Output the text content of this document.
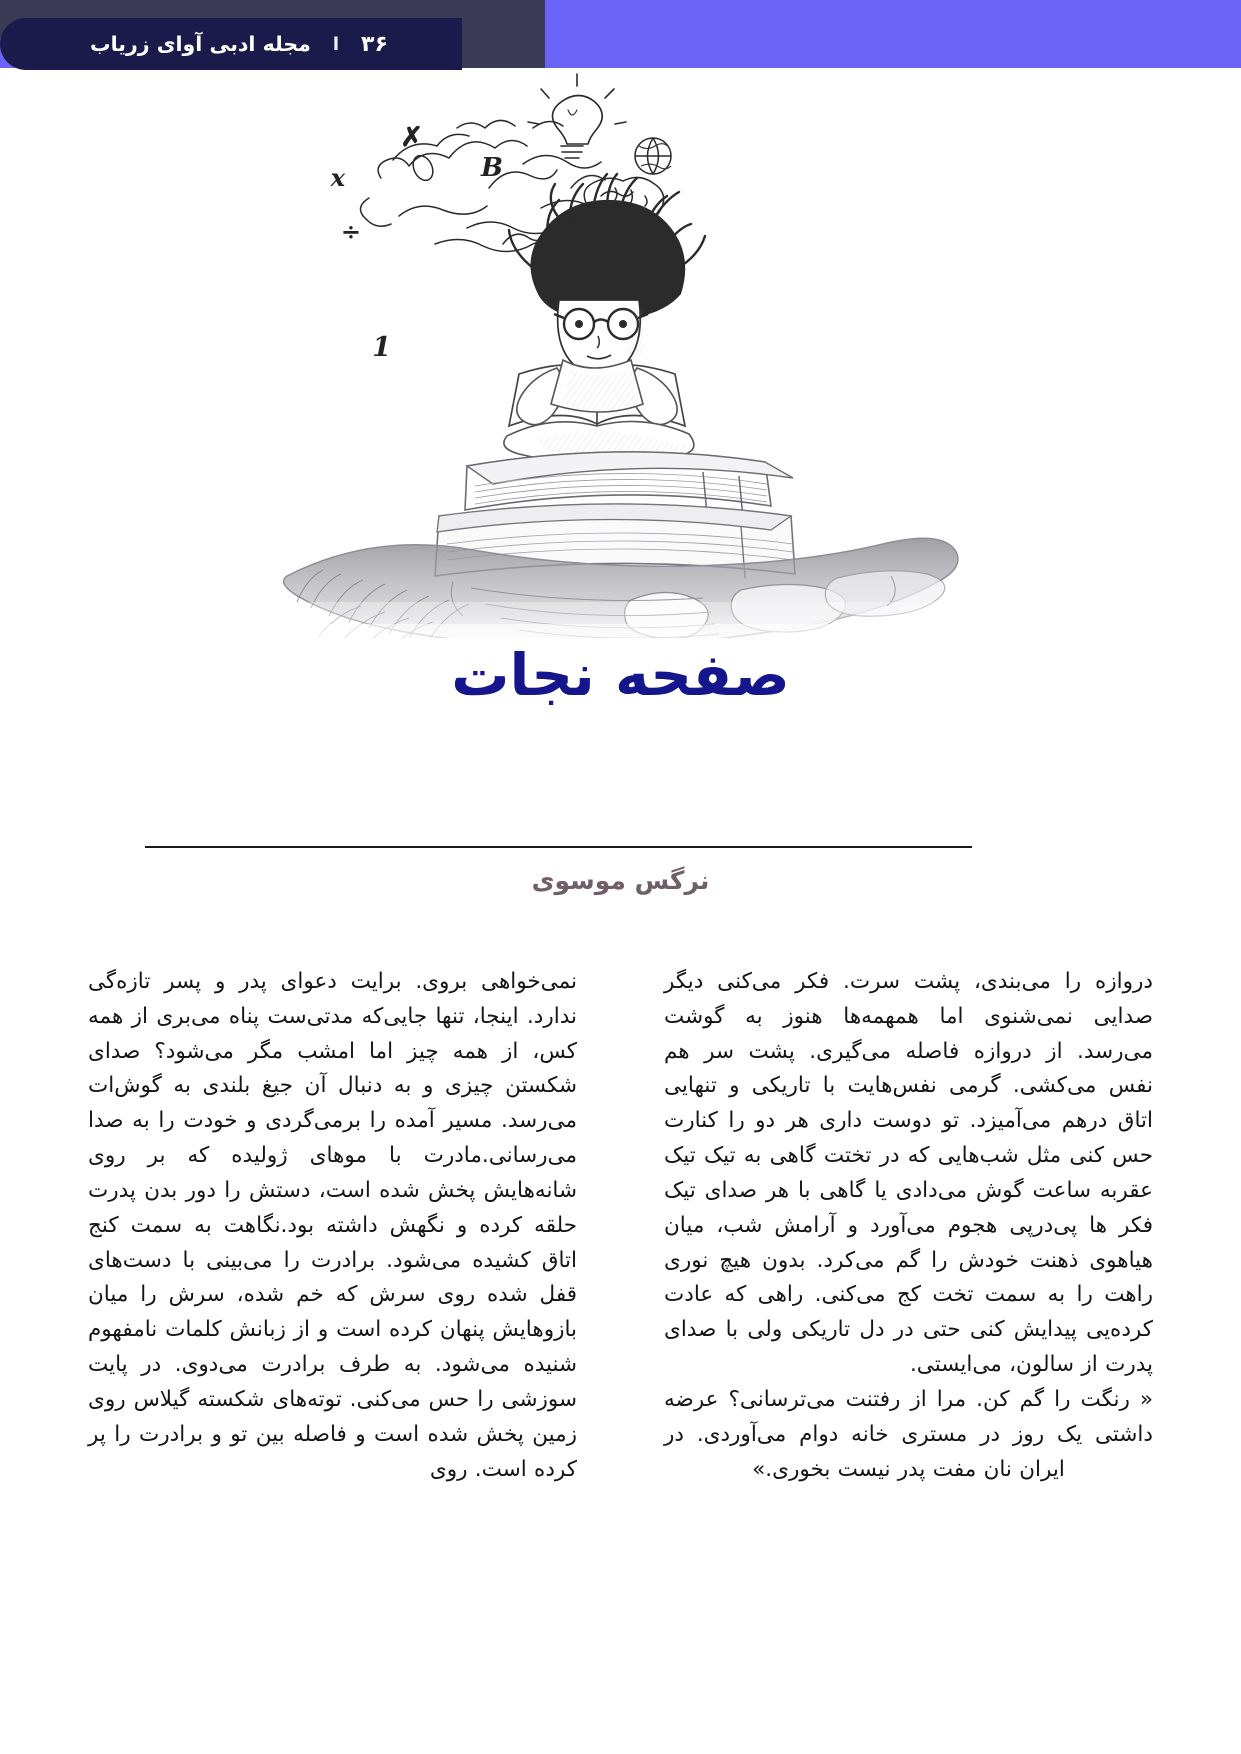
۳۶
ا
مجله ادبی آوای زریاب
x
✗
B
÷
1
صفحه نجات
نرگس موسوی

دروازه را می‌بندی، پشت سرت. فکر می‌کنی دیگر صدایی نمی‌شنوی اما همهمه‌ها هنوز به گوشت می‌رسد. از دروازه فاصله می‌گیری. پشت سر هم نفس می‌کشی. گرمی نفس‌هایت با تاریکی و تنهایی اتاق درهم می‌آمیزد. تو دوست داری هر دو را کنارت حس کنی مثل شب‌هایی که در تختت گاهی به تیک تیک عقربه ساعت گوش می‌دادی یا گاهی با هر صدای تیک فکر ها پی‌درپی هجوم می‌آورد و آرامش شب، میان هیاهوی ذهنت خودش را گم می‌کرد. بدون هیچ نوری راهت را به سمت تخت کج می‌کنی. راهی که عادت کرده‌یی پیدایش کنی حتی در دل تاریکی ولی با صدای پدرت از سالون، می‌ایستی.

«‌ رنگت را گم کن. مرا از رفتنت می‌ترسانی؟ عرضه داشتی یک روز در مستری خانه دوام می‌آوردی. در ایران نان مفت پدر نیست بخوری.»

نمی‌خواهی بروی. برایت دعوای پدر و پسر تازه‌گی ندارد. اینجا، تنها جایی‌که مدتی‌ست پناه می‌بری از همه کس، از همه چیز اما امشب مگر می‌شود؟ صدای شکستن چیزی و به دنبال آن جیغ بلندی به گوش‌ات می‌رسد. مسیر آمده را برمی‌گردی و خودت را به صدا می‌رسانی.مادرت با موهای ژولیده که بر روی شانه‌هایش پخش شده است، دستش را دور بدن پدرت حلقه کرده و نگهش داشته بود.نگاهت به سمت کنج اتاق کشیده می‌شود. برادرت را می‌بینی با دست‌های قفل شده روی سرش که خم شده، سرش را میان بازوهایش پنهان کرده است و از زبانش کلمات نامفهوم شنیده می‌شود. به طرف برادرت می‌دوی. در پایت سوزشی را حس می‌کنی. توته‌های شکسته گیلاس روی زمین پخش شده است و فاصله بین تو و برادرت را پر کرده است. روی
